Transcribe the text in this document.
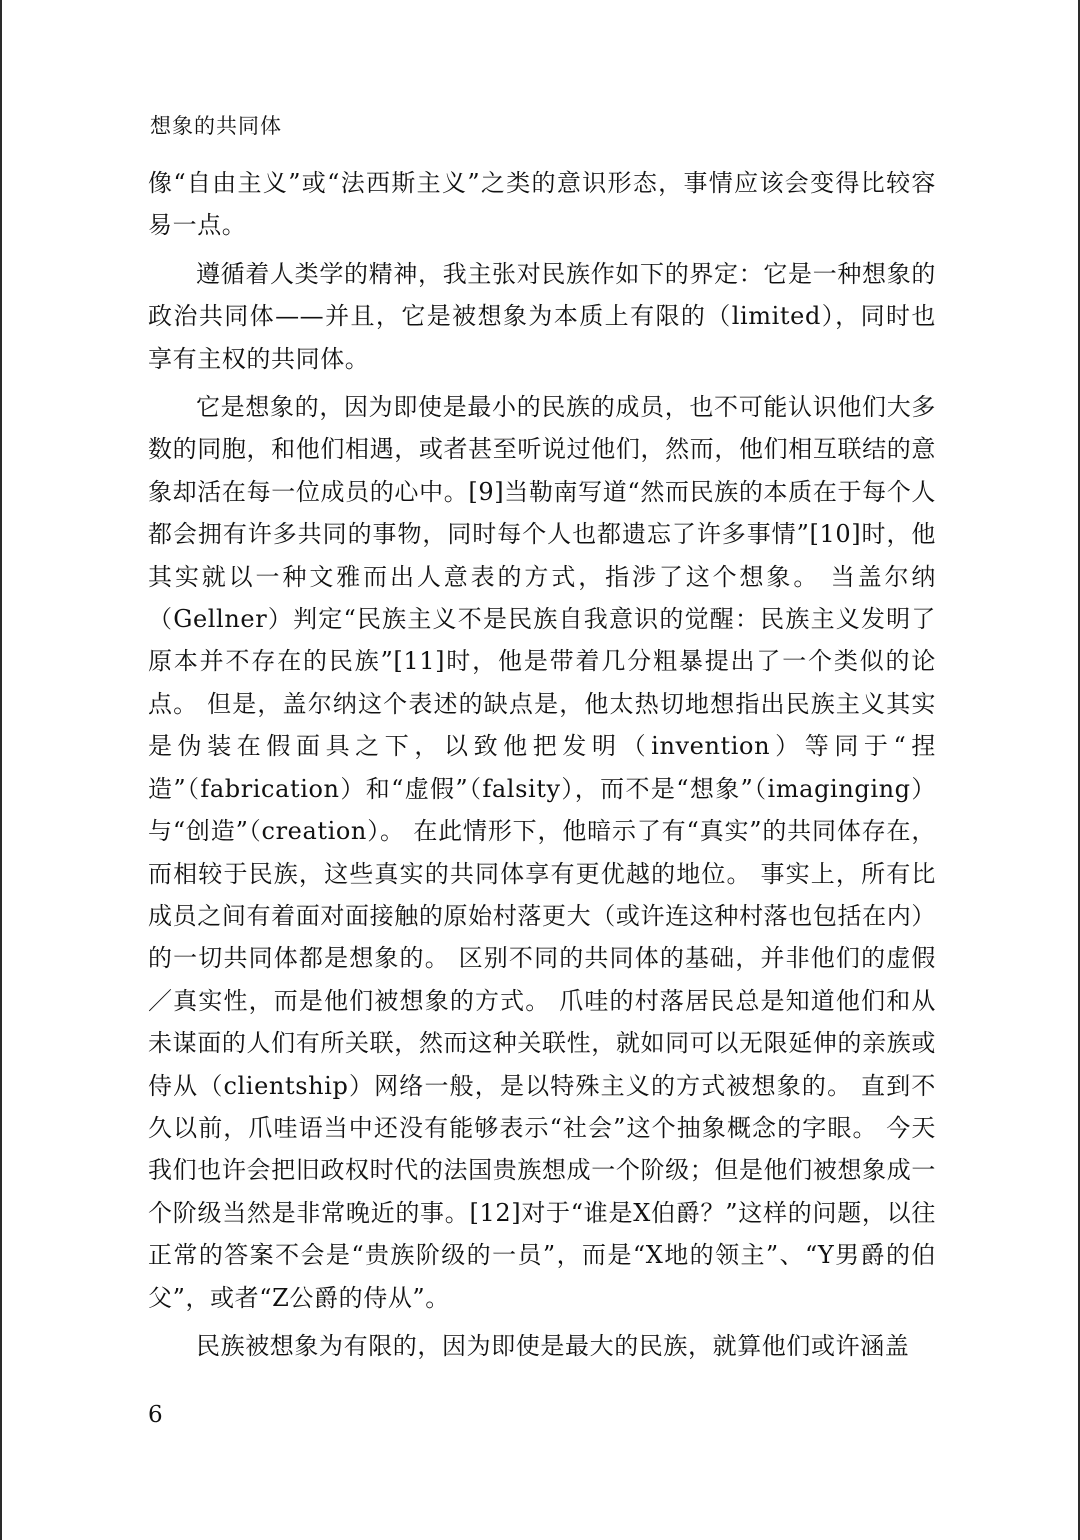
想象的共同体

像“自由主义”或“法西斯主义”之类的意识形态，事情应该会变得比较容易一点。

遵循着人类学的精神，我主张对民族作如下的界定：它是一种想象的政治共同体——并且，它是被想象为本质上有限的（limited），同时也享有主权的共同体。

它是想象的，因为即使是最小的民族的成员，也不可能认识他们大多数的同胞，和他们相遇，或者甚至听说过他们，然而，他们相互联结的意象却活在每一位成员的心中。[9]当勒南写道“然而民族的本质在于每个人都会拥有许多共同的事物，同时每个人也都遗忘了许多事情”[10]时，他其实就以一种文雅而出人意表的方式，指涉了这个想象。 当盖尔纳（Gellner）判定“民族主义不是民族自我意识的觉醒：民族主义发明了原本并不存在的民族”[11]时，他是带着几分粗暴提出了一个类似的论点。 但是，盖尔纳这个表述的缺点是，他太热切地想指出民族主义其实是伪装在假面具之下，以致他把发明（invention）等同于“捏造”（fabrication）和“虚假”（falsity），而不是“想象”（imaginging）与“创造”（creation）。 在此情形下，他暗示了有“真实”的共同体存在，而相较于民族，这些真实的共同体享有更优越的地位。 事实上，所有比成员之间有着面对面接触的原始村落更大（或许连这种村落也包括在内）的一切共同体都是想象的。 区别不同的共同体的基础，并非他们的虚假／真实性，而是他们被想象的方式。 爪哇的村落居民总是知道他们和从未谋面的人们有所关联，然而这种关联性，就如同可以无限延伸的亲族或侍从（clientship）网络一般，是以特殊主义的方式被想象的。 直到不久以前，爪哇语当中还没有能够表示“社会”这个抽象概念的字眼。 今天我们也许会把旧政权时代的法国贵族想成一个阶级；但是他们被想象成一个阶级当然是非常晚近的事。[12]对于“谁是X伯爵？”这样的问题，以往正常的答案不会是“贵族阶级的一员”，而是“X地的领主”、“Y男爵的伯父”，或者“Z公爵的侍从”。

民族被想象为有限的，因为即使是最大的民族，就算他们或许涵盖

6
